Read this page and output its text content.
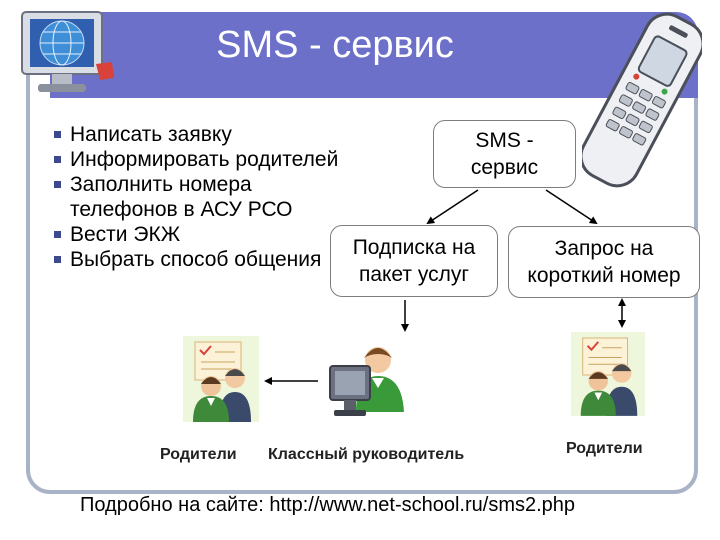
SMS - сервис
Написать заявку
Информировать родителей
Заполнить номера телефонов в АСУ РСО
Вести ЭКЖ
Выбрать способ общения
SMS -
сервис
Подписка на
пакет услуг
Запрос на
короткий номер
Родители Классный руководитель	Родители
Подробно на сайте: http://www.net-school.ru/sms2.php
